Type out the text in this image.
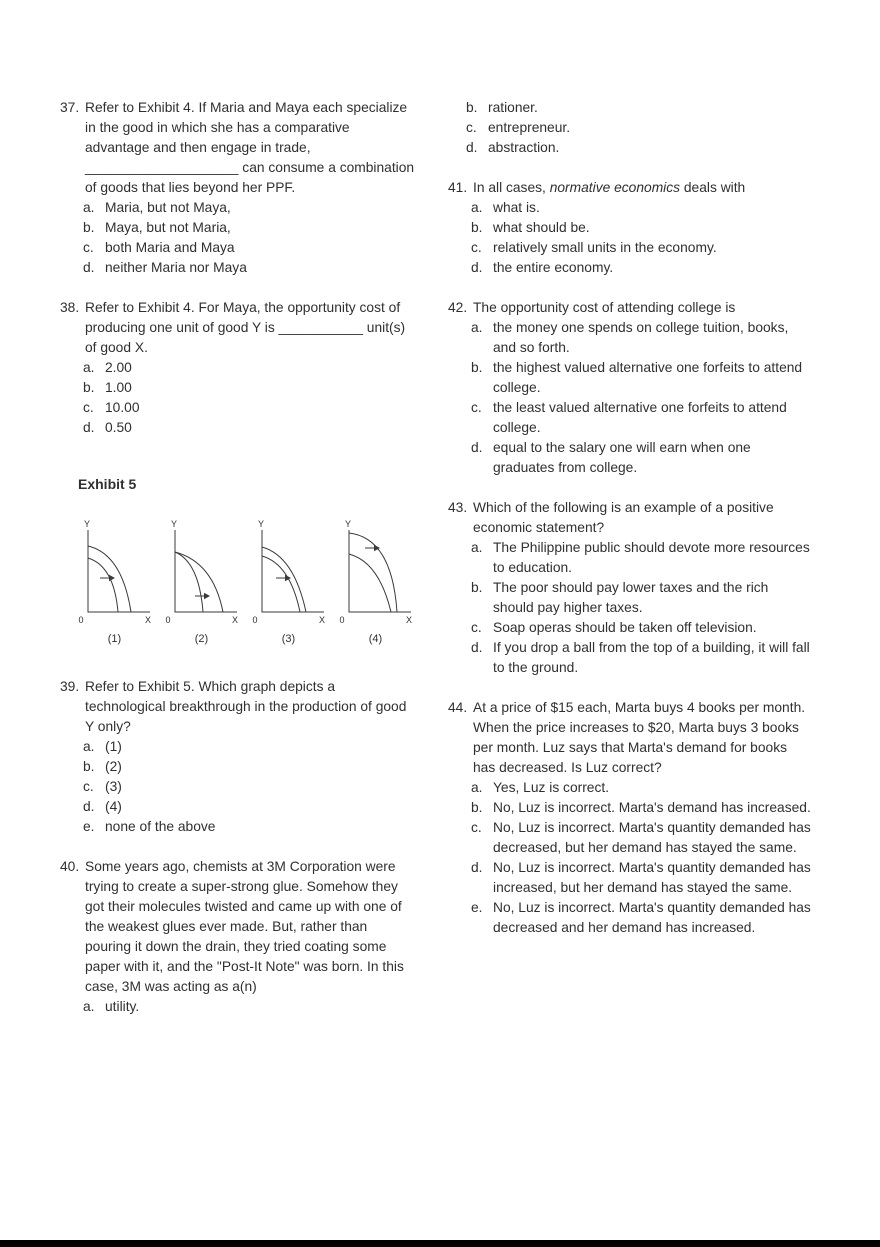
37. Refer to Exhibit 4. If Maria and Maya each specialize in the good in which she has a comparative advantage and then engage in trade, ____________________ can consume a combination of goods that lies beyond her PPF.
a. Maria, but not Maya,
b. Maya, but not Maria,
c. both Maria and Maya
d. neither Maria nor Maya
38. Refer to Exhibit 4. For Maya, the opportunity cost of producing one unit of good Y is ___________ unit(s) of good X.
a. 2.00
b. 1.00
c. 10.00
d. 0.50
Exhibit 5
Y
0	X
(1)
Y
0	X
(2)
Y
0	X
(3)
Y
0	X
(4)
39. Refer to Exhibit 5. Which graph depicts a technological breakthrough in the production of good Y only?
a. (1)
b. (2)
c. (3)
d. (4)
e. none of the above
40. Some years ago, chemists at 3M Corporation were trying to create a super-strong glue. Somehow they got their molecules twisted and came up with one of the weakest glues ever made. But, rather than pouring it down the drain, they tried coating some paper with it, and the "Post-It Note" was born. In this case, 3M was acting as a(n)
a. utility.
b. rationer.
c. entrepreneur.
d. abstraction.
41. In all cases, normative economics deals with
a. what is.
b. what should be.
c. relatively small units in the economy.
d. the entire economy.
42. The opportunity cost of attending college is
a. the money one spends on college tuition, books, and so forth.
b. the highest valued alternative one forfeits to attend college.
c. the least valued alternative one forfeits to attend college.
d. equal to the salary one will earn when one graduates from college.
43. Which of the following is an example of a positive economic statement?
a. The Philippine public should devote more resources to education.
b. The poor should pay lower taxes and the rich should pay higher taxes.
c. Soap operas should be taken off television.
d. If you drop a ball from the top of a building, it will fall to the ground.
44. At a price of $15 each, Marta buys 4 books per month. When the price increases to $20, Marta buys 3 books per month. Luz says that Marta's demand for books has decreased. Is Luz correct?
a. Yes, Luz is correct.
b. No, Luz is incorrect. Marta's demand has increased.
c. No, Luz is incorrect. Marta's quantity demanded has decreased, but her demand has stayed the same.
d. No, Luz is incorrect. Marta's quantity demanded has increased, but her demand has stayed the same.
e. No, Luz is incorrect. Marta's quantity demanded has decreased and her demand has increased.
